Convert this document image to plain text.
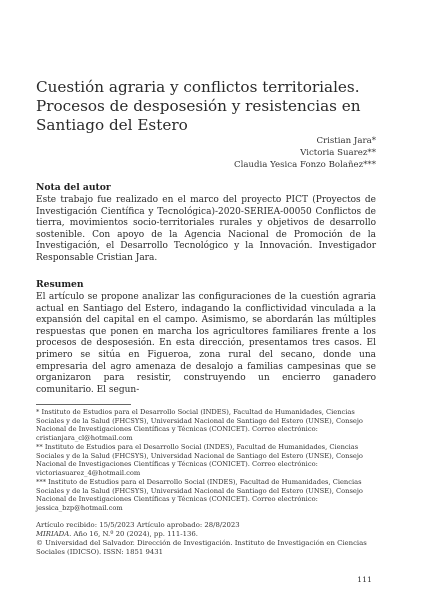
Cuestión agraria y conflictos territoriales. Procesos de desposesión y resistencias en Santiago del Estero
Cristian Jara*
Victoria Suarez**
Claudia Yesica Fonzo Bolañez***
Nota del autor

Este trabajo fue realizado en el marco del proyecto PICT (Proyectos de Investigación Científica y Tecnológica)-2020-SERIEA-00050 Conflictos de tierra, movimientos socio-territoriales rurales y objetivos de desarrollo sostenible. Con apoyo de la Agencia Nacional de Promoción de la Investigación, el Desarrollo Tecnológico y la Innovación. Investigador Responsable Cristian Jara.

Resumen

El artículo se propone analizar las configuraciones de la cuestión agraria actual en Santiago del Estero, indagando la conflictividad vinculada a la expansión del capital en el campo. Asimismo, se abordarán las múltiples respuestas que ponen en marcha los agricultores familiares frente a los procesos de desposesión. En esta dirección, presentamos tres casos. El primero se sitúa en Figueroa, zona rural del secano, donde una empresaria del agro amenaza de desalojo a familias campesinas que se organizaron para resistir, construyendo un encierro ganadero comunitario. El segun-

* Instituto de Estudios para el Desarrollo Social (INDES), Facultad de Humanidades, Ciencias Sociales y de la Salud (FHCSYS), Universidad Nacional de Santiago del Estero (UNSE), Consejo Nacional de Investigaciones Científicas y Técnicas (CONICET). Correo electrónico: cristianjara_cl@hotmail.com

** Instituto de Estudios para el Desarrollo Social (INDES), Facultad de Humanidades, Ciencias Sociales y de la Salud (FHCSYS), Universidad Nacional de Santiago del Estero (UNSE), Consejo Nacional de Investigaciones Científicas y Técnicas (CONICET). Correo electrónico: victoriasuarez_4@hotmail.com

*** Instituto de Estudios para el Desarrollo Social (INDES), Facultad de Humanidades, Ciencias Sociales y de la Salud (FHCSYS), Universidad Nacional de Santiago del Estero (UNSE), Consejo Nacional de Investigaciones Científicas y Técnicas (CONICET). Correo electrónico: jessica_bzp@hotmail.com

Artículo recibido: 15/5/2023 Artículo aprobado: 28/8/2023
MIRIADA. Año 16, N.º 20 (2024), pp. 111-136.
© Universidad del Salvador. Dirección de Investigación. Instituto de Investigación en Ciencias Sociales (IDICSO). ISSN: 1851 9431
111
